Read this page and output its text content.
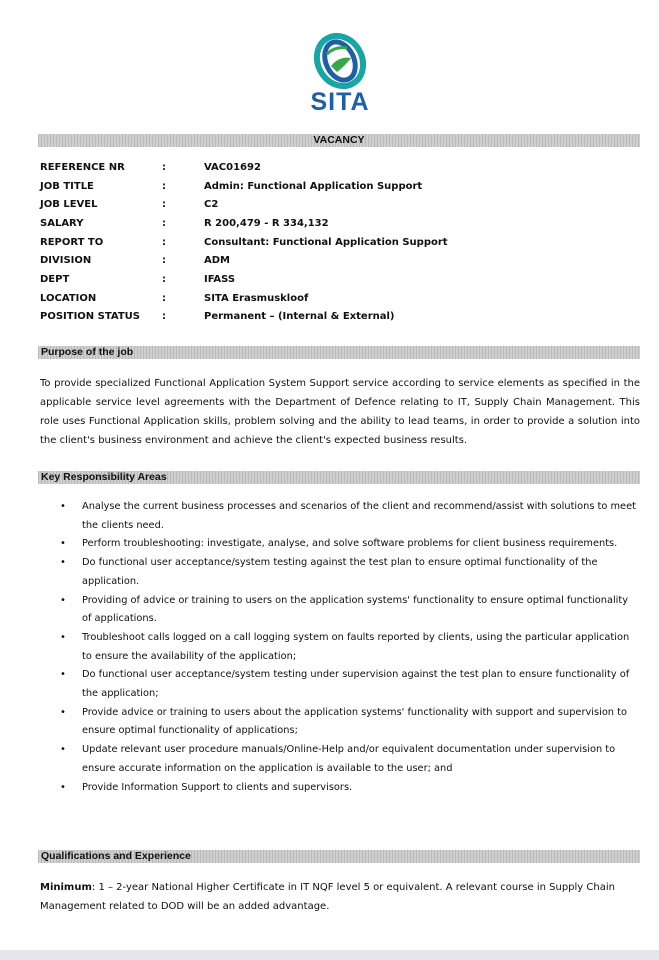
SITA
VACANCY
REFERENCE NR	:	VAC01692
JOB TITLE	:	Admin: Functional Application Support
JOB LEVEL	:	C2
SALARY	:	R 200,479 - R 334,132
REPORT TO	:	Consultant: Functional Application Support
DIVISION	:	ADM
DEPT	:	IFASS
LOCATION	:	SITA Erasmuskloof
POSITION STATUS	:	Permanent – (Internal & External)
Purpose of the job
To provide specialized Functional Application System Support service according to service elements as specified in the applicable service level agreements with the Department of Defence relating to IT, Supply Chain Management. This role uses Functional Application skills, problem solving and the ability to lead teams, in order to provide a solution into the client's business environment and achieve the client's expected business results.
Key Responsibility Areas
• Analyse the current business processes and scenarios of the client and recommend/assist with solutions to meet the clients need.
• Perform troubleshooting: investigate, analyse, and solve software problems for client business requirements.
• Do functional user acceptance/system testing against the test plan to ensure optimal functionality of the application.
• Providing of advice or training to users on the application systems' functionality to ensure optimal functionality of applications.
• Troubleshoot calls logged on a call logging system on faults reported by clients, using the particular application to ensure the availability of the application;
• Do functional user acceptance/system testing under supervision against the test plan to ensure functionality of the application;
• Provide advice or training to users about the application systems' functionality with support and supervision to ensure optimal functionality of applications;
• Update relevant user procedure manuals/Online-Help and/or equivalent documentation under supervision to ensure accurate information on the application is available to the user; and
• Provide Information Support to clients and supervisors.
Qualifications and Experience
Minimum: 1 – 2-year National Higher Certificate in IT NQF level 5 or equivalent. A relevant course in Supply Chain Management related to DOD will be an added advantage.
